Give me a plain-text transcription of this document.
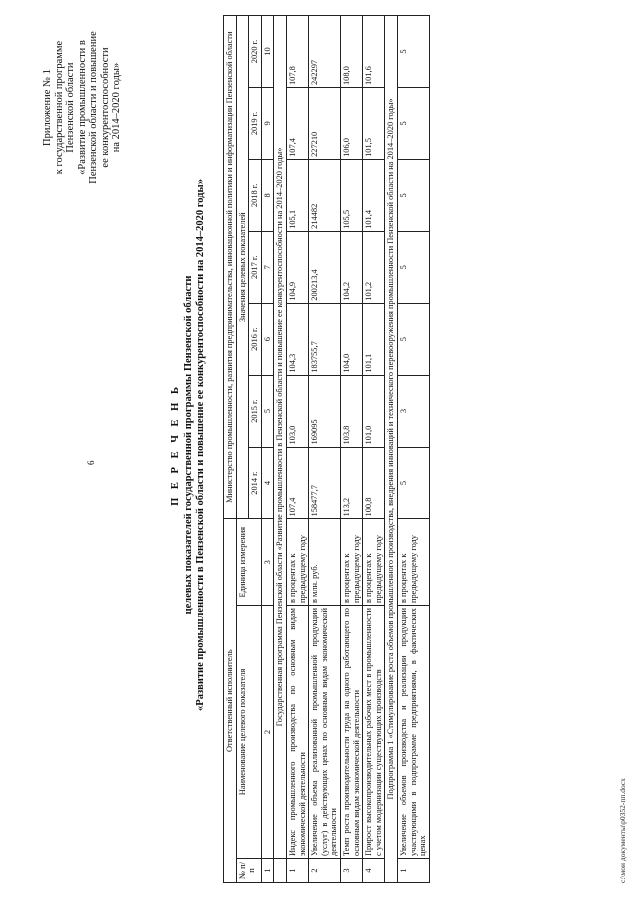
6
Приложение № 1 к государственной программе Пензенской области «Развитие промышленности в Пензенской области и повышение ее конкурентоспособности на 2014–2020 годы»
П Е Р Е Ч Е Н Ь целевых показателей государственной программы Пензенской области «Развитие промышленности в Пензенской области и повышение ее конкурентоспособности на 2014–2020 годы» Ответственный исполнитель			Министерство промышленности, развития предпринимательства, инновационной политики и информатизации Пензенской области						
№ п/п	Наименование целевого показателя	Единица измерения	Значения целевых показателей						
			2014 г.	2015 г.	2016 г.	2017 г.	2018 г.	2019 г.	2020 г.
1	2	3	4	5	6	7	8	9	10
	Государственная программа Пензенской области «Развитие промышленности в Пензенской области и повышение ее конкурентоспособности на 2014–2020 годы»								
1	Индекс промышленного производства по основным видам экономической деятельности	в процентах к предыдущему году	107,4	103,0	104,3	104,9	105,1	107,4	107,8
2	Увеличение объема реализованной промышленной продукции (услуг) в действующих ценах по основным видам экономической деятельности	в млн. руб.	158477,7	169095	183755,7	200213,4	214482	227210	242297
3	Темп роста производительности труда на одного работающего по основным видам экономической деятельности	в процентах к предыдущему году	113,2	103,8	104,0	104,2	105,5	106,0	108,0
4	Прирост высокопроизводительных рабочих мест в промышленности с учетом модернизации существующих производств	в процентах к предыдущему году	100,8	101,0	101,1	101,2	101,4	101,5	101,6
Подпрограмма 1 «Стимулирование роста объемов промышленного производства, внедрения инноваций и технического перевооружения промышленности Пензенской области на 2014–2020 годы»									
1	Увеличение объемов производства и реализации продукции участвующими в подпрограмме предприятиями, в фактических ценах	в процентах к предыдущему году	5	3	5	5	5	5	5
c:\мои документы\р0352-пп.docx
